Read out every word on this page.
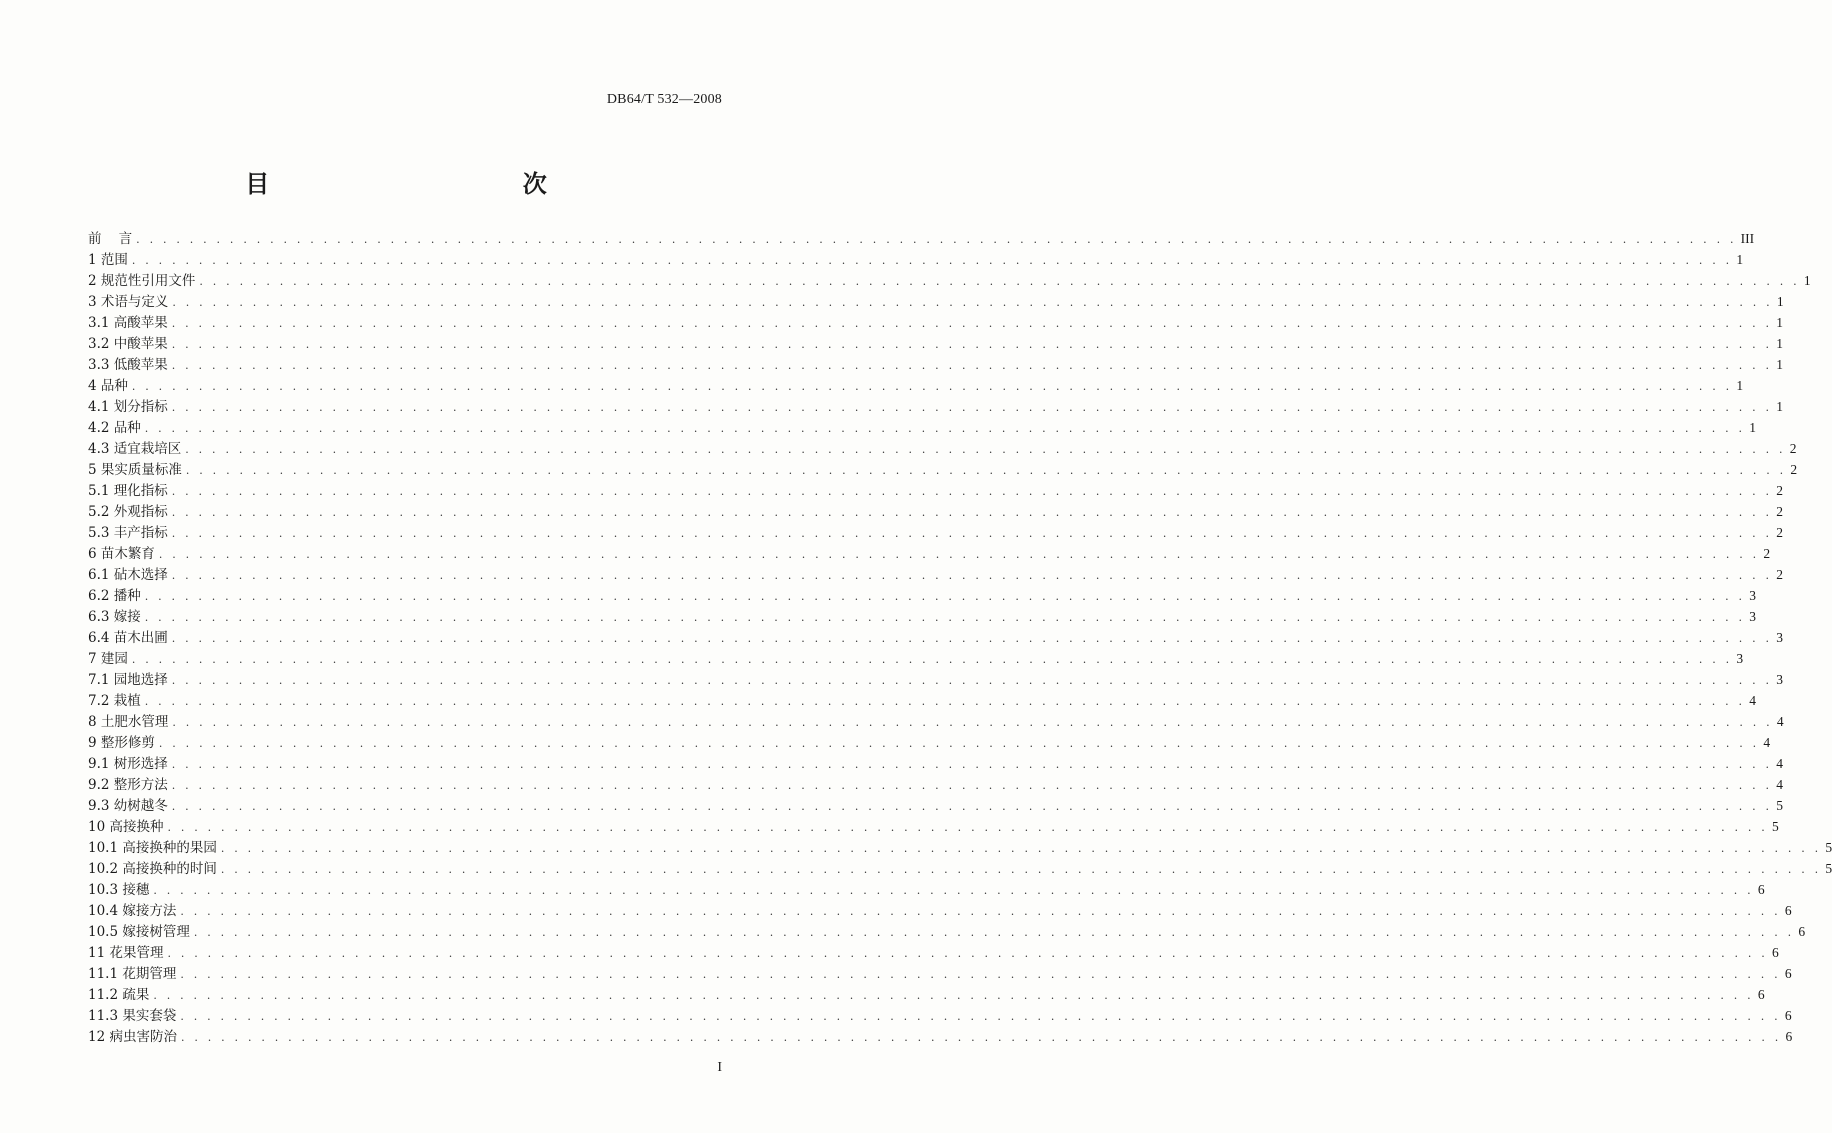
DB64/T 532—2008
目    次
前    言 . . . . . . . . . . . . . . . . . . . . . . . . . . . . . . . . . . . . . . . . . . . . . . . . . . . . . . . . . . . . . . . . . . . . . . . . . . . . . . . . . . . . . . . . . . . . . . . . . . . . . . . . . . . . . . . . . . . . . . . . III
1 范围 . . . . . . . . . . . . . . . . . . . . . . . . . . . . . . . . . . . . . . . . . . . . . . . . . . . . . . . . . . . . . . . . . . . . . . . . . . . . . . . . . . . . . . . . . . . . . . . . . . . . . . . . . . . . . . . . . . . . . . . . 1
2 规范性引用文件 . . . . . . . . . . . . . . . . . . . . . . . . . . . . . . . . . . . . . . . . . . . . . . . . . . . . . . . . . . . . . . . . . . . . . . . . . . . . . . . . . . . . . . . . . . . . . . . . . . . . . . . . . . . . . . . . . . . . . . . . 1
3 术语与定义 . . . . . . . . . . . . . . . . . . . . . . . . . . . . . . . . . . . . . . . . . . . . . . . . . . . . . . . . . . . . . . . . . . . . . . . . . . . . . . . . . . . . . . . . . . . . . . . . . . . . . . . . . . . . . . . . . . . . . . . . 1
3.1 高酸苹果 . . . . . . . . . . . . . . . . . . . . . . . . . . . . . . . . . . . . . . . . . . . . . . . . . . . . . . . . . . . . . . . . . . . . . . . . . . . . . . . . . . . . . . . . . . . . . . . . . . . . . . . . . . . . . . . . . . . . . . . . 1
3.2 中酸苹果 . . . . . . . . . . . . . . . . . . . . . . . . . . . . . . . . . . . . . . . . . . . . . . . . . . . . . . . . . . . . . . . . . . . . . . . . . . . . . . . . . . . . . . . . . . . . . . . . . . . . . . . . . . . . . . . . . . . . . . . . 1
3.3 低酸苹果 . . . . . . . . . . . . . . . . . . . . . . . . . . . . . . . . . . . . . . . . . . . . . . . . . . . . . . . . . . . . . . . . . . . . . . . . . . . . . . . . . . . . . . . . . . . . . . . . . . . . . . . . . . . . . . . . . . . . . . . . 1
4 品种 . . . . . . . . . . . . . . . . . . . . . . . . . . . . . . . . . . . . . . . . . . . . . . . . . . . . . . . . . . . . . . . . . . . . . . . . . . . . . . . . . . . . . . . . . . . . . . . . . . . . . . . . . . . . . . . . . . . . . . . . 1
4.1 划分指标 . . . . . . . . . . . . . . . . . . . . . . . . . . . . . . . . . . . . . . . . . . . . . . . . . . . . . . . . . . . . . . . . . . . . . . . . . . . . . . . . . . . . . . . . . . . . . . . . . . . . . . . . . . . . . . . . . . . . . . . . 1
4.2 品种 . . . . . . . . . . . . . . . . . . . . . . . . . . . . . . . . . . . . . . . . . . . . . . . . . . . . . . . . . . . . . . . . . . . . . . . . . . . . . . . . . . . . . . . . . . . . . . . . . . . . . . . . . . . . . . . . . . . . . . . . 1
4.3 适宜栽培区 . . . . . . . . . . . . . . . . . . . . . . . . . . . . . . . . . . . . . . . . . . . . . . . . . . . . . . . . . . . . . . . . . . . . . . . . . . . . . . . . . . . . . . . . . . . . . . . . . . . . . . . . . . . . . . . . . . . . . . . . 2
5 果实质量标准 . . . . . . . . . . . . . . . . . . . . . . . . . . . . . . . . . . . . . . . . . . . . . . . . . . . . . . . . . . . . . . . . . . . . . . . . . . . . . . . . . . . . . . . . . . . . . . . . . . . . . . . . . . . . . . . . . . . . . . . . 2
5.1 理化指标 . . . . . . . . . . . . . . . . . . . . . . . . . . . . . . . . . . . . . . . . . . . . . . . . . . . . . . . . . . . . . . . . . . . . . . . . . . . . . . . . . . . . . . . . . . . . . . . . . . . . . . . . . . . . . . . . . . . . . . . . 2
5.2 外观指标 . . . . . . . . . . . . . . . . . . . . . . . . . . . . . . . . . . . . . . . . . . . . . . . . . . . . . . . . . . . . . . . . . . . . . . . . . . . . . . . . . . . . . . . . . . . . . . . . . . . . . . . . . . . . . . . . . . . . . . . . 2
5.3 丰产指标 . . . . . . . . . . . . . . . . . . . . . . . . . . . . . . . . . . . . . . . . . . . . . . . . . . . . . . . . . . . . . . . . . . . . . . . . . . . . . . . . . . . . . . . . . . . . . . . . . . . . . . . . . . . . . . . . . . . . . . . . 2
6 苗木繁育 . . . . . . . . . . . . . . . . . . . . . . . . . . . . . . . . . . . . . . . . . . . . . . . . . . . . . . . . . . . . . . . . . . . . . . . . . . . . . . . . . . . . . . . . . . . . . . . . . . . . . . . . . . . . . . . . . . . . . . . . 2
6.1 砧木选择 . . . . . . . . . . . . . . . . . . . . . . . . . . . . . . . . . . . . . . . . . . . . . . . . . . . . . . . . . . . . . . . . . . . . . . . . . . . . . . . . . . . . . . . . . . . . . . . . . . . . . . . . . . . . . . . . . . . . . . . . 2
6.2 播种 . . . . . . . . . . . . . . . . . . . . . . . . . . . . . . . . . . . . . . . . . . . . . . . . . . . . . . . . . . . . . . . . . . . . . . . . . . . . . . . . . . . . . . . . . . . . . . . . . . . . . . . . . . . . . . . . . . . . . . . . 3
6.3 嫁接 . . . . . . . . . . . . . . . . . . . . . . . . . . . . . . . . . . . . . . . . . . . . . . . . . . . . . . . . . . . . . . . . . . . . . . . . . . . . . . . . . . . . . . . . . . . . . . . . . . . . . . . . . . . . . . . . . . . . . . . . 3
6.4 苗木出圃 . . . . . . . . . . . . . . . . . . . . . . . . . . . . . . . . . . . . . . . . . . . . . . . . . . . . . . . . . . . . . . . . . . . . . . . . . . . . . . . . . . . . . . . . . . . . . . . . . . . . . . . . . . . . . . . . . . . . . . . . 3
7 建园 . . . . . . . . . . . . . . . . . . . . . . . . . . . . . . . . . . . . . . . . . . . . . . . . . . . . . . . . . . . . . . . . . . . . . . . . . . . . . . . . . . . . . . . . . . . . . . . . . . . . . . . . . . . . . . . . . . . . . . . . 3
7.1 园地选择 . . . . . . . . . . . . . . . . . . . . . . . . . . . . . . . . . . . . . . . . . . . . . . . . . . . . . . . . . . . . . . . . . . . . . . . . . . . . . . . . . . . . . . . . . . . . . . . . . . . . . . . . . . . . . . . . . . . . . . . . 3
7.2 栽植 . . . . . . . . . . . . . . . . . . . . . . . . . . . . . . . . . . . . . . . . . . . . . . . . . . . . . . . . . . . . . . . . . . . . . . . . . . . . . . . . . . . . . . . . . . . . . . . . . . . . . . . . . . . . . . . . . . . . . . . . 4
8 土肥水管理 . . . . . . . . . . . . . . . . . . . . . . . . . . . . . . . . . . . . . . . . . . . . . . . . . . . . . . . . . . . . . . . . . . . . . . . . . . . . . . . . . . . . . . . . . . . . . . . . . . . . . . . . . . . . . . . . . . . . . . . . 4
9 整形修剪 . . . . . . . . . . . . . . . . . . . . . . . . . . . . . . . . . . . . . . . . . . . . . . . . . . . . . . . . . . . . . . . . . . . . . . . . . . . . . . . . . . . . . . . . . . . . . . . . . . . . . . . . . . . . . . . . . . . . . . . . 4
9.1 树形选择 . . . . . . . . . . . . . . . . . . . . . . . . . . . . . . . . . . . . . . . . . . . . . . . . . . . . . . . . . . . . . . . . . . . . . . . . . . . . . . . . . . . . . . . . . . . . . . . . . . . . . . . . . . . . . . . . . . . . . . . . 4
9.2 整形方法 . . . . . . . . . . . . . . . . . . . . . . . . . . . . . . . . . . . . . . . . . . . . . . . . . . . . . . . . . . . . . . . . . . . . . . . . . . . . . . . . . . . . . . . . . . . . . . . . . . . . . . . . . . . . . . . . . . . . . . . . 4
9.3 幼树越冬 . . . . . . . . . . . . . . . . . . . . . . . . . . . . . . . . . . . . . . . . . . . . . . . . . . . . . . . . . . . . . . . . . . . . . . . . . . . . . . . . . . . . . . . . . . . . . . . . . . . . . . . . . . . . . . . . . . . . . . . . 5
10 高接换种 . . . . . . . . . . . . . . . . . . . . . . . . . . . . . . . . . . . . . . . . . . . . . . . . . . . . . . . . . . . . . . . . . . . . . . . . . . . . . . . . . . . . . . . . . . . . . . . . . . . . . . . . . . . . . . . . . . . . . . . . 5
10.1 高接换种的果园 . . . . . . . . . . . . . . . . . . . . . . . . . . . . . . . . . . . . . . . . . . . . . . . . . . . . . . . . . . . . . . . . . . . . . . . . . . . . . . . . . . . . . . . . . . . . . . . . . . . . . . . . . . . . . . . . . . . . . . . . 5
10.2 高接换种的时间 . . . . . . . . . . . . . . . . . . . . . . . . . . . . . . . . . . . . . . . . . . . . . . . . . . . . . . . . . . . . . . . . . . . . . . . . . . . . . . . . . . . . . . . . . . . . . . . . . . . . . . . . . . . . . . . . . . . . . . . . 5
10.3 接穗 . . . . . . . . . . . . . . . . . . . . . . . . . . . . . . . . . . . . . . . . . . . . . . . . . . . . . . . . . . . . . . . . . . . . . . . . . . . . . . . . . . . . . . . . . . . . . . . . . . . . . . . . . . . . . . . . . . . . . . . . 6
10.4 嫁接方法 . . . . . . . . . . . . . . . . . . . . . . . . . . . . . . . . . . . . . . . . . . . . . . . . . . . . . . . . . . . . . . . . . . . . . . . . . . . . . . . . . . . . . . . . . . . . . . . . . . . . . . . . . . . . . . . . . . . . . . . . 6
10.5 嫁接树管理 . . . . . . . . . . . . . . . . . . . . . . . . . . . . . . . . . . . . . . . . . . . . . . . . . . . . . . . . . . . . . . . . . . . . . . . . . . . . . . . . . . . . . . . . . . . . . . . . . . . . . . . . . . . . . . . . . . . . . . . . 6
11 花果管理 . . . . . . . . . . . . . . . . . . . . . . . . . . . . . . . . . . . . . . . . . . . . . . . . . . . . . . . . . . . . . . . . . . . . . . . . . . . . . . . . . . . . . . . . . . . . . . . . . . . . . . . . . . . . . . . . . . . . . . . . 6
11.1 花期管理 . . . . . . . . . . . . . . . . . . . . . . . . . . . . . . . . . . . . . . . . . . . . . . . . . . . . . . . . . . . . . . . . . . . . . . . . . . . . . . . . . . . . . . . . . . . . . . . . . . . . . . . . . . . . . . . . . . . . . . . . 6
11.2 疏果 . . . . . . . . . . . . . . . . . . . . . . . . . . . . . . . . . . . . . . . . . . . . . . . . . . . . . . . . . . . . . . . . . . . . . . . . . . . . . . . . . . . . . . . . . . . . . . . . . . . . . . . . . . . . . . . . . . . . . . . . 6
11.3 果实套袋 . . . . . . . . . . . . . . . . . . . . . . . . . . . . . . . . . . . . . . . . . . . . . . . . . . . . . . . . . . . . . . . . . . . . . . . . . . . . . . . . . . . . . . . . . . . . . . . . . . . . . . . . . . . . . . . . . . . . . . . . 6
12 病虫害防治 . . . . . . . . . . . . . . . . . . . . . . . . . . . . . . . . . . . . . . . . . . . . . . . . . . . . . . . . . . . . . . . . . . . . . . . . . . . . . . . . . . . . . . . . . . . . . . . . . . . . . . . . . . . . . . . . . . . . . . . . 6
I
